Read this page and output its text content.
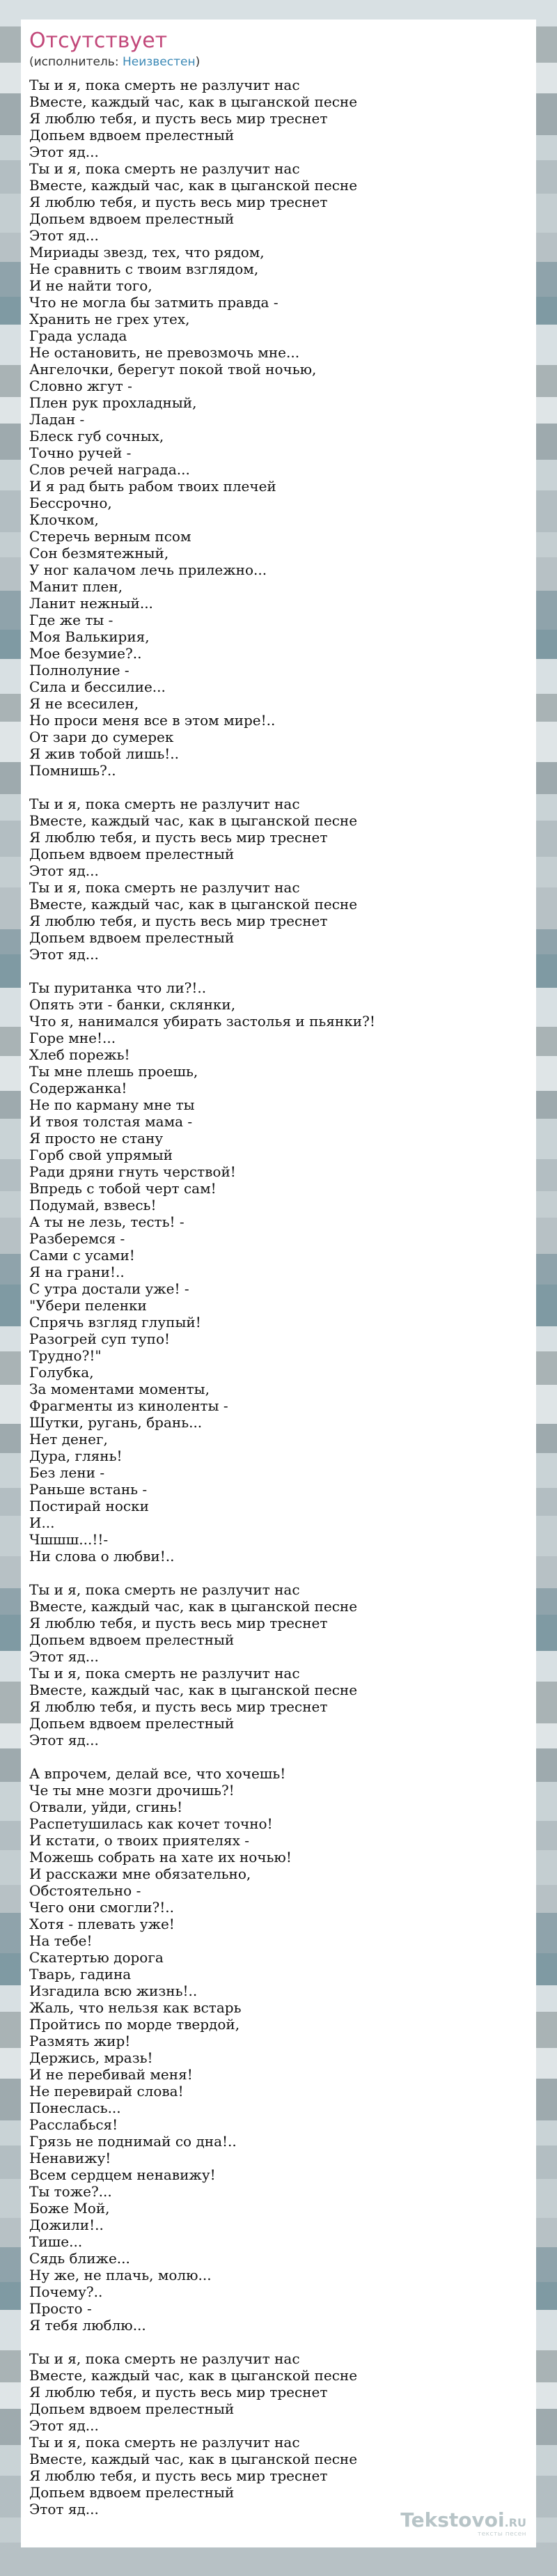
Отсутствует
(исполнитель: Неизвестен)
Ты и я, пока смерть не разлучит нас
Вместе, каждый час, как в цыганской песне
Я люблю тебя, и пусть весь мир треснет
Допьем вдвоем прелестный
Этот яд...
Ты и я, пока смерть не разлучит нас
Вместе, каждый час, как в цыганской песне
Я люблю тебя, и пусть весь мир треснет
Допьем вдвоем прелестный
Этот яд...
Мириады звезд, тех, что рядом,
Не сравнить с твоим взглядом,
И не найти того,
Что не могла бы затмить правда -
Хранить не грех утех,
Града услада
Не остановить, не превозмочь мне...
Ангелочки, берегут покой твой ночью,
Словно жгут -
Плен рук прохладный,
Ладан -
Блеск губ сочных,
Точно ручей -
Слов речей награда...
И я рад быть рабом твоих плечей
Бессрочно,
Клочком,
Стеречь верным псом
Сон безмятежный,
У ног калачом лечь прилежно...
Манит плен,
Ланит нежный...
Где же ты -
Моя Валькирия,
Мое безумие?..
Полнолуние -
Сила и бессилие...
Я не всесилен,
Но проси меня все в этом мире!..
От зари до сумерек
Я жив тобой лишь!..
Помнишь?..
Ты и я, пока смерть не разлучит нас
Вместе, каждый час, как в цыганской песне
Я люблю тебя, и пусть весь мир треснет
Допьем вдвоем прелестный
Этот яд...
Ты и я, пока смерть не разлучит нас
Вместе, каждый час, как в цыганской песне
Я люблю тебя, и пусть весь мир треснет
Допьем вдвоем прелестный
Этот яд...
Ты пуританка что ли?!..
Опять эти - банки, склянки,
Что я, нанимался убирать застолья и пьянки?!
Горе мне!...
Хлеб порежь!
Ты мне плешь проешь,
Содержанка!
Не по карману мне ты
И твоя толстая мама -
Я просто не стану
Горб свой упрямый
Ради дряни гнуть черствой!
Впредь с тобой черт сам!
Подумай, взвесь!
А ты не лезь, тесть! -
Разберемся -
Сами с усами!
Я на грани!..
С утра достали уже! -
"Убери пеленки
Спрячь взгляд глупый!
Разогрей суп тупо!
Трудно?!"
Голубка,
За моментами моменты,
Фрагменты из киноленты -
Шутки, ругань, брань...
Нет денег,
Дура, глянь!
Без лени -
Раньше встань -
Постирай носки
И...
Чшшш...!!-
Ни слова о любви!..
Ты и я, пока смерть не разлучит нас
Вместе, каждый час, как в цыганской песне
Я люблю тебя, и пусть весь мир треснет
Допьем вдвоем прелестный
Этот яд...
Ты и я, пока смерть не разлучит нас
Вместе, каждый час, как в цыганской песне
Я люблю тебя, и пусть весь мир треснет
Допьем вдвоем прелестный
Этот яд...
А впрочем, делай все, что хочешь!
Че ты мне мозги дрочишь?!
Отвали, уйди, сгинь!
Распетушилась как кочет точно!
И кстати, о твоих приятелях -
Можешь собрать на хате их ночью!
И расскажи мне обязательно,
Обстоятельно -
Чего они смогли?!..
Хотя - плевать уже!
На тебе!
Скатертью дорога
Тварь, гадина
Изгадила всю жизнь!..
Жаль, что нельзя как встарь
Пройтись по морде твердой,
Размять жир!
Держись, мразь!
И не перебивай меня!
Не перевирай слова!
Понеслась...
Расслабься!
Грязь не поднимай со дна!..
Ненавижу!
Всем сердцем ненавижу!
Ты тоже?...
Боже Мой,
Дожили!..
Тише...
Сядь ближе...
Ну же, не плачь, молю...
Почему?..
Просто -
Я тебя люблю...
Ты и я, пока смерть не разлучит нас
Вместе, каждый час, как в цыганской песне
Я люблю тебя, и пусть весь мир треснет
Допьем вдвоем прелестный
Этот яд...
Ты и я, пока смерть не разлучит нас
Вместе, каждый час, как в цыганской песне
Я люблю тебя, и пусть весь мир треснет
Допьем вдвоем прелестный
Этот яд...	Tekstovoi.RU
тексты песен
